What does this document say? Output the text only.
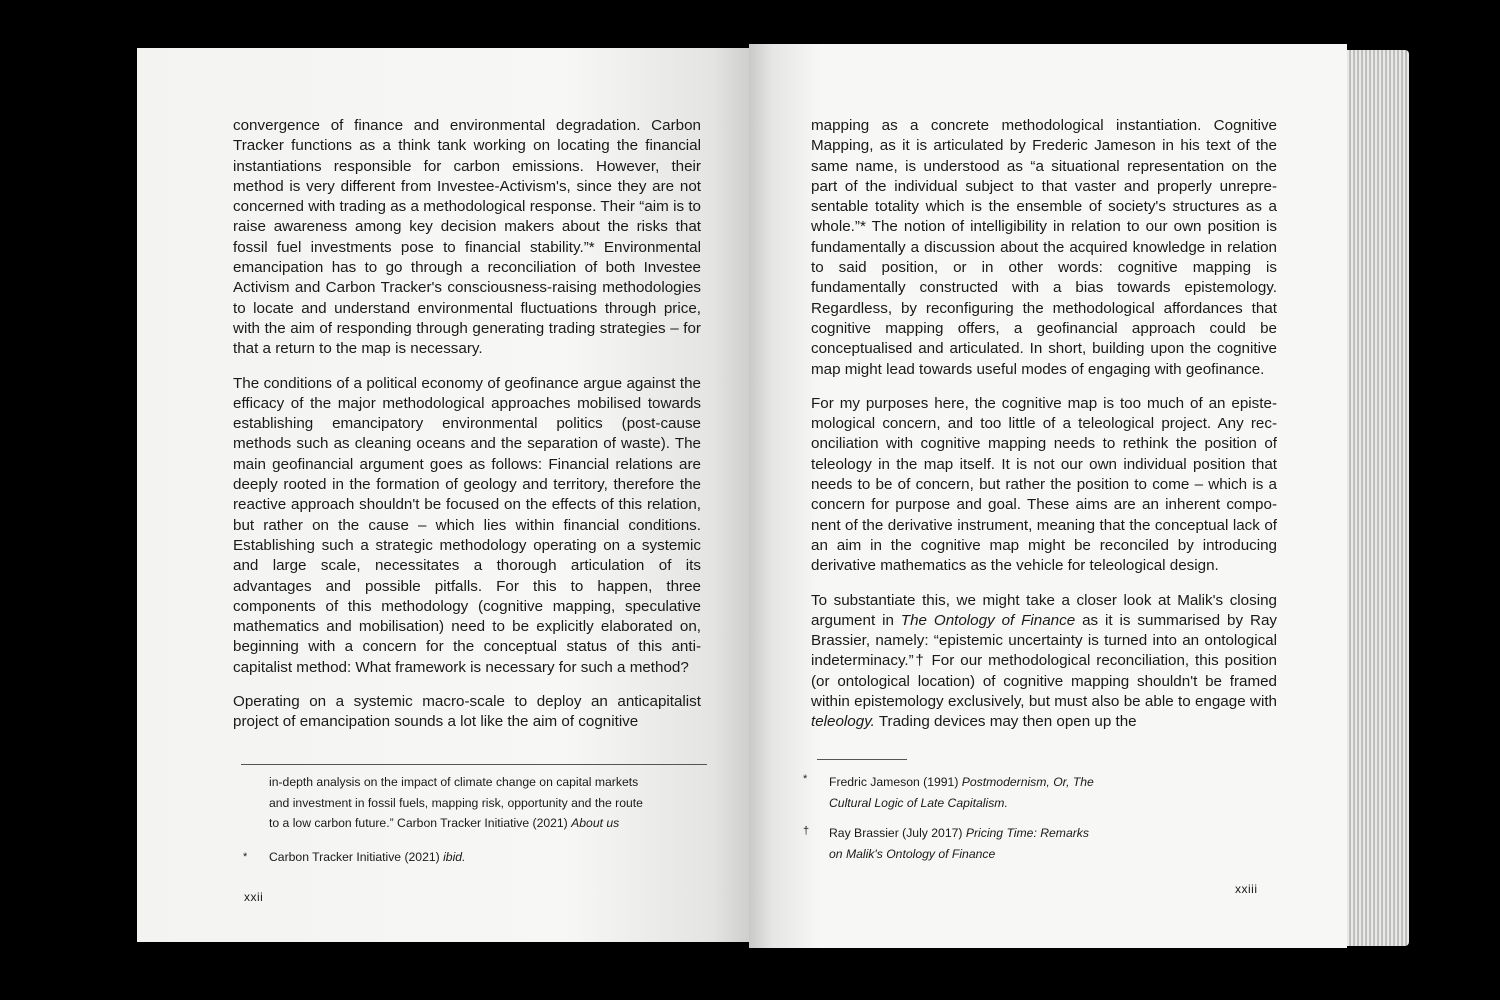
convergence of finance and environmental degradation. Carbon Tracker functions as a think tank working on locating the financial instantiations responsible for carbon emissions. However, their method is very different from Investee-Activism's, since they are not concerned with trading as a methodological response. Their “aim is to raise awareness among key decision makers about the risks that fossil fuel investments pose to financial stability.”* Environmental emancipation has to go through a reconciliation of both Investee Activism and Carbon Tracker's consciousness-raising methodologies to locate and understand environmental fluctuations through price, with the aim of responding through generating trading strategies – for that a return to the map is necessary.

The conditions of a political economy of geofinance argue against the efficacy of the major methodological approaches mobilised towards establishing emancipatory environmental politics (post-cause methods such as cleaning oceans and the separation of waste). The main geofinancial argument goes as follows: Financial relations are deeply rooted in the formation of geology and territory, therefore the reactive approach shouldn't be focused on the effects of this relation, but rather on the cause – which lies within financial conditions. Establishing such a strategic methodology operating on a systemic and large scale, necessitates a thorough articulation of its advantages and possible pitfalls. For this to happen, three components of this methodology (cognitive mapping, speculative mathematics and mobilisation) need to be explicitly elaborated on, beginning with a concern for the conceptual status of this anti-capitalist method: What framework is necessary for such a method?

Operating on a systemic macro-scale to deploy an anticapitalist project of emancipation sounds a lot like the aim of cognitive

in-depth analysis on the impact of climate change on capital markets
and investment in fossil fuels, mapping risk, opportunity and the route
to a low carbon future.” Carbon Tracker Initiative (2021) About us
* Carbon Tracker Initiative (2021) ibid.
xxii

mapping as a concrete methodological instantiation. Cognitive Mapping, as it is articulated by Frederic Jameson in his text of the same name, is understood as “a situational representation on the part of the individual subject to that vaster and properly unrepresentable totality which is the ensemble of society's structures as a whole.”* The notion of intelligibility in relation to our own position is fundamentally a discussion about the acquired knowledge in relation to said position, or in other words: cognitive mapping is fundamentally constructed with a bias towards epistemology. Regardless, by reconfiguring the methodological affordances that cognitive mapping offers, a geofinancial approach could be conceptualised and articulated. In short, building upon the cognitive map might lead towards useful modes of engaging with geofinance.

For my purposes here, the cognitive map is too much of an epistemological concern, and too little of a teleological project. Any reconciliation with cognitive mapping needs to rethink the position of teleology in the map itself. It is not our own individual position that needs to be of concern, but rather the position to come – which is a concern for purpose and goal. These aims are an inherent component of the derivative instrument, meaning that the conceptual lack of an aim in the cognitive map might be reconciled by introducing derivative mathematics as the vehicle for teleological design.

To substantiate this, we might take a closer look at Malik's closing argument in The Ontology of Finance as it is summarised by Ray Brassier, namely: “epistemic uncertainty is turned into an ontological indeterminacy.”† For our methodological reconciliation, this position (or ontological location) of cognitive mapping shouldn't be framed within epistemology exclusively, but must also be able to engage with teleology. Trading devices may then open up the

* Fredric Jameson (1991) Postmodernism, Or, The
Cultural Logic of Late Capitalism.
† Ray Brassier (July 2017) Pricing Time: Remarks
on Malik's Ontology of Finance
xxiii
